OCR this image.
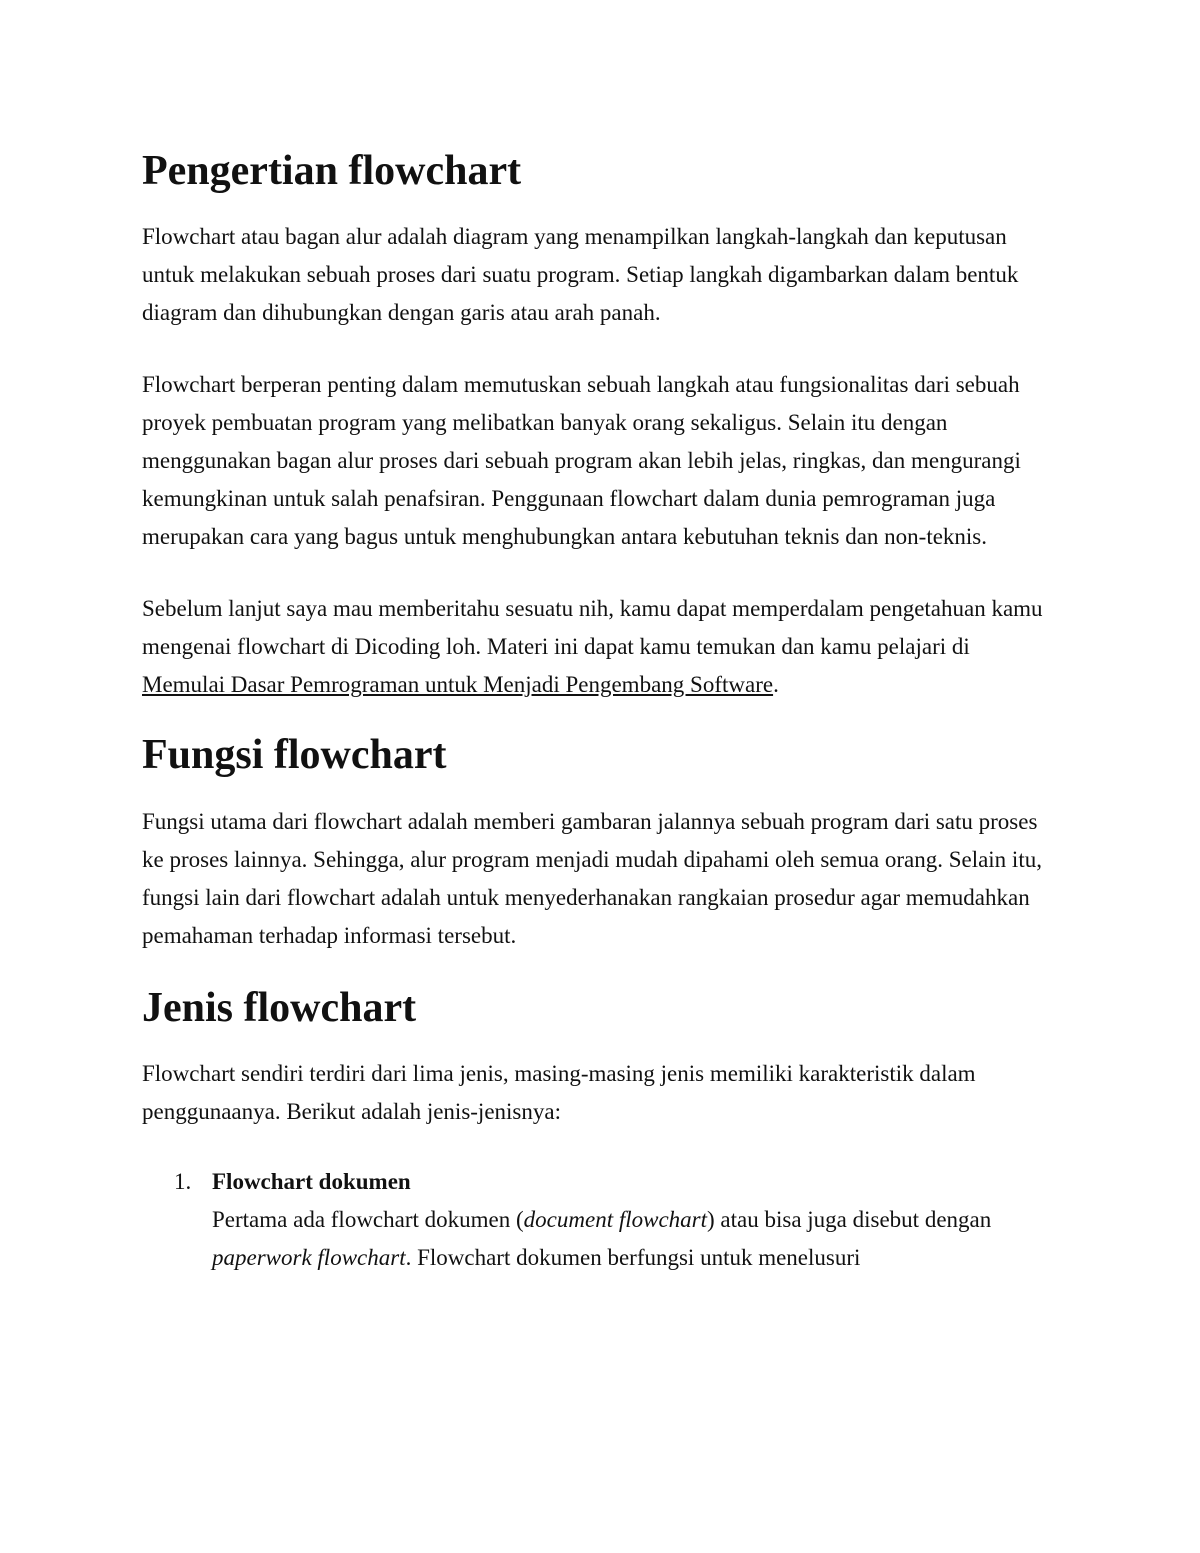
Pengertian flowchart

Flowchart atau bagan alur adalah diagram yang menampilkan langkah-langkah dan keputusan untuk melakukan sebuah proses dari suatu program. Setiap langkah digambarkan dalam bentuk diagram dan dihubungkan dengan garis atau arah panah.

Flowchart berperan penting dalam memutuskan sebuah langkah atau fungsionalitas dari sebuah proyek pembuatan program yang melibatkan banyak orang sekaligus. Selain itu dengan menggunakan bagan alur proses dari sebuah program akan lebih jelas, ringkas, dan mengurangi kemungkinan untuk salah penafsiran. Penggunaan flowchart dalam dunia pemrograman juga merupakan cara yang bagus untuk menghubungkan antara kebutuhan teknis dan non-teknis.

Sebelum lanjut saya mau memberitahu sesuatu nih, kamu dapat memperdalam pengetahuan kamu mengenai flowchart di Dicoding loh. Materi ini dapat kamu temukan dan kamu pelajari di Memulai Dasar Pemrograman untuk Menjadi Pengembang Software.

Fungsi flowchart

Fungsi utama dari flowchart adalah memberi gambaran jalannya sebuah program dari satu proses ke proses lainnya. Sehingga, alur program menjadi mudah dipahami oleh semua orang. Selain itu, fungsi lain dari flowchart adalah untuk menyederhanakan rangkaian prosedur agar memudahkan pemahaman terhadap informasi tersebut.

Jenis flowchart

Flowchart sendiri terdiri dari lima jenis, masing-masing jenis memiliki karakteristik dalam penggunaanya. Berikut adalah jenis-jenisnya:

1. Flowchart dokumen
Pertama ada flowchart dokumen (document flowchart) atau bisa juga disebut dengan paperwork flowchart. Flowchart dokumen berfungsi untuk menelusuri
